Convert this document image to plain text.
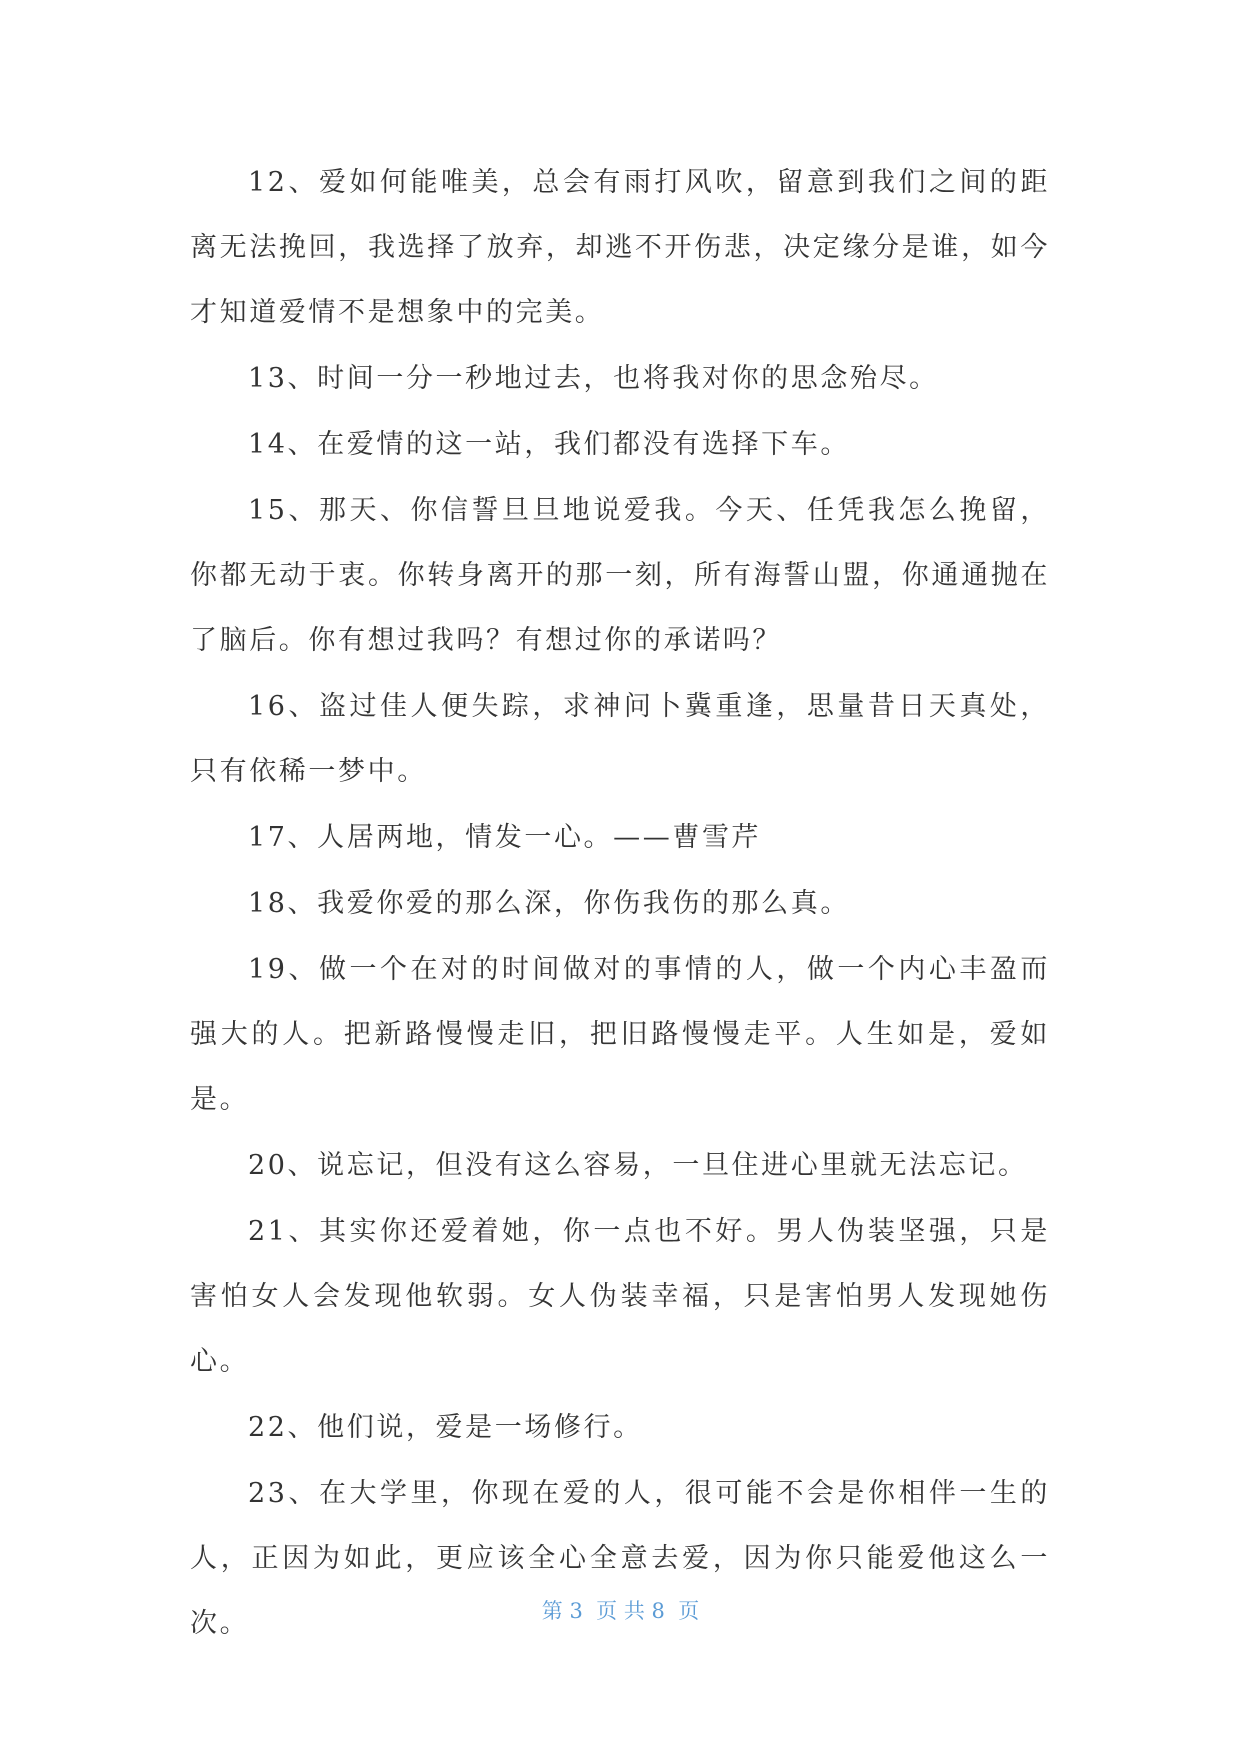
12、爱如何能唯美，总会有雨打风吹，留意到我们之间的距离无法挽回，我选择了放弃，却逃不开伤悲，决定缘分是谁，如今才知道爱情不是想象中的完美。

13、时间一分一秒地过去，也将我对你的思念殆尽。

14、在爱情的这一站，我们都没有选择下车。

15、那天、你信誓旦旦地说爱我。今天、任凭我怎么挽留，你都无动于衷。你转身离开的那一刻，所有海誓山盟，你通通抛在了脑后。你有想过我吗？有想过你的承诺吗？

16、盗过佳人便失踪，求神问卜冀重逢，思量昔日天真处，只有依稀一梦中。

17、人居两地，情发一心。——曹雪芹

18、我爱你爱的那么深，你伤我伤的那么真。

19、做一个在对的时间做对的事情的人，做一个内心丰盈而强大的人。把新路慢慢走旧，把旧路慢慢走平。人生如是，爱如是。

20、说忘记，但没有这么容易，一旦住进心里就无法忘记。

21、其实你还爱着她，你一点也不好。男人伪装坚强，只是害怕女人会发现他软弱。女人伪装幸福，只是害怕男人发现她伤心。

22、他们说，爱是一场修行。

23、在大学里，你现在爱的人，很可能不会是你相伴一生的人，正因为如此，更应该全心全意去爱，因为你只能爱他这么一次。	第 3  页 共 8  页
